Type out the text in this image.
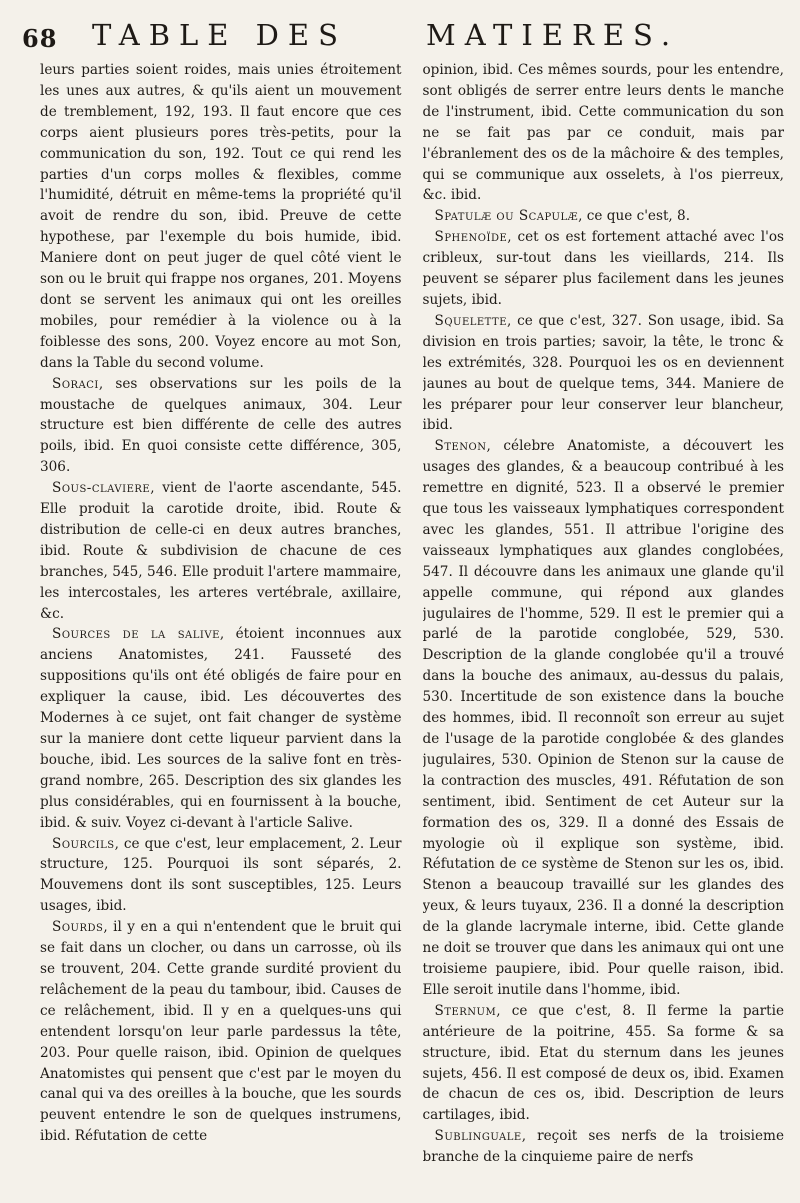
68 TABLE DES	MATIERES.

leurs parties soient roides, mais unies étroitement les unes aux autres, & qu'ils aient un mouvement de tremblement, 192, 193. Il faut encore que ces corps aient plusieurs pores très-petits, pour la communication du son, 192. Tout ce qui rend les parties d'un corps molles & flexibles, comme l'humidité, détruit en même-tems la propriété qu'il avoit de rendre du son, ibid. Preuve de cette hypothese, par l'exemple du bois humide, ibid. Maniere dont on peut juger de quel côté vient le son ou le bruit qui frappe nos organes, 201. Moyens dont se servent les animaux qui ont les oreilles mobiles, pour remédier à la violence ou à la foiblesse des sons, 200. Voyez encore au mot Son, dans la Table du second volume.

Soraci, ses observations sur les poils de la moustache de quelques animaux, 304. Leur structure est bien différente de celle des autres poils, ibid. En quoi consiste cette différence, 305, 306.

Sous-claviere, vient de l'aorte ascendante, 545. Elle produit la carotide droite, ibid. Route & distribution de celle-ci en deux autres branches, ibid. Route & subdivision de chacune de ces branches, 545, 546. Elle produit l'artere mammaire, les intercostales, les arteres vertébrale, axillaire, &c.

Sources de la salive, étoient inconnues aux anciens Anatomistes, 241. Fausseté des suppositions qu'ils ont été obligés de faire pour en expliquer la cause, ibid. Les découvertes des Modernes à ce sujet, ont fait changer de système sur la maniere dont cette liqueur parvient dans la bouche, ibid. Les sources de la salive font en très-grand nombre, 265. Description des six glandes les plus considérables, qui en fournissent à la bouche, ibid. & suiv. Voyez ci-devant à l'article Salive.

Sourcils, ce que c'est, leur emplacement, 2. Leur structure, 125. Pourquoi ils sont séparés, 2. Mouvemens dont ils sont susceptibles, 125. Leurs usages, ibid.

Sourds, il y en a qui n'entendent que le bruit qui se fait dans un clocher, ou dans un carrosse, où ils se trouvent, 204. Cette grande surdité provient du relâchement de la peau du tambour, ibid. Causes de ce relâchement, ibid. Il y en a quelques-uns qui entendent lorsqu'on leur parle pardessus la tête, 203. Pour quelle raison, ibid. Opinion de quelques Anatomistes qui pensent que c'est par le moyen du canal qui va des oreilles à la bouche, que les sourds peuvent entendre le son de quelques instrumens, ibid. Réfutation de cette

opinion, ibid. Ces mêmes sourds, pour les entendre, sont obligés de serrer entre leurs dents le manche de l'instrument, ibid. Cette communication du son ne se fait pas par ce conduit, mais par l'ébranlement des os de la mâchoire & des temples, qui se communique aux osselets, à l'os pierreux, &c. ibid.

Spatulæ ou Scapulæ, ce que c'est, 8.

Sphenoïde, cet os est fortement attaché avec l'os cribleux, sur-tout dans les vieillards, 214. Ils peuvent se séparer plus facilement dans les jeunes sujets, ibid.

Squelette, ce que c'est, 327. Son usage, ibid. Sa division en trois parties; savoir, la tête, le tronc & les extrémités, 328. Pourquoi les os en deviennent jaunes au bout de quelque tems, 344. Maniere de les préparer pour leur conserver leur blancheur, ibid.

Stenon, célebre Anatomiste, a découvert les usages des glandes, & a beaucoup contribué à les remettre en dignité, 523. Il a observé le premier que tous les vaisseaux lymphatiques correspondent avec les glandes, 551. Il attribue l'origine des vaisseaux lymphatiques aux glandes conglobées, 547. Il découvre dans les animaux une glande qu'il appelle commune, qui répond aux glandes jugulaires de l'homme, 529. Il est le premier qui a parlé de la parotide conglobée, 529, 530. Description de la glande conglobée qu'il a trouvé dans la bouche des animaux, au-dessus du palais, 530. Incertitude de son existence dans la bouche des hommes, ibid. Il reconnoît son erreur au sujet de l'usage de la parotide conglobée & des glandes jugulaires, 530. Opinion de Stenon sur la cause de la contraction des muscles, 491. Réfutation de son sentiment, ibid. Sentiment de cet Auteur sur la formation des os, 329. Il a donné des Essais de myologie où il explique son système, ibid. Réfutation de ce système de Stenon sur les os, ibid. Stenon a beaucoup travaillé sur les glandes des yeux, & leurs tuyaux, 236. Il a donné la description de la glande lacrymale interne, ibid. Cette glande ne doit se trouver que dans les animaux qui ont une troisieme paupiere, ibid. Pour quelle raison, ibid. Elle seroit inutile dans l'homme, ibid.

Sternum, ce que c'est, 8. Il ferme la partie antérieure de la poitrine, 455. Sa forme & sa structure, ibid. Etat du sternum dans les jeunes sujets, 456. Il est composé de deux os, ibid. Examen de chacun de ces os, ibid. Description de leurs cartilages, ibid.

Sublinguale, reçoit ses nerfs de la troisieme branche de la cinquieme paire de nerfs
